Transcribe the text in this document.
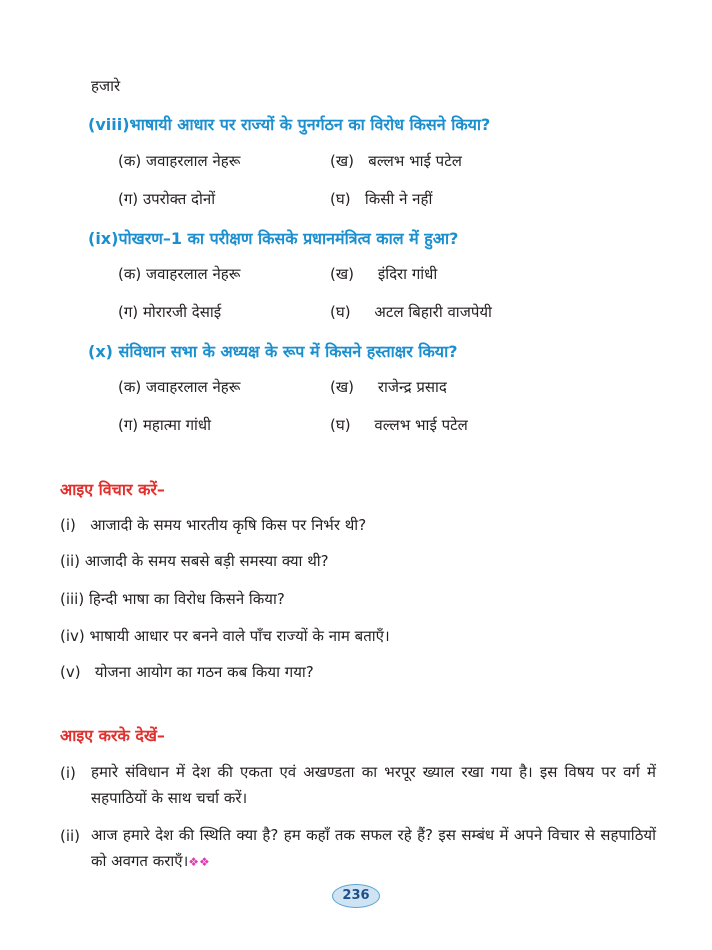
हजारे
(viii)भाषायी आधार पर राज्यों के पुनर्गठन का विरोध किसने किया?
(क) जवाहरलाल नेहरू	(ख) बल्लभ भाई पटेल
(ग) उपरोक्त दोनों	(घ) किसी ने नहीं
(ix)पोखरण–1 का परीक्षण किसके प्रधानमंत्रित्व काल में हुआ?
(क) जवाहरलाल नेहरू	(ख) इंदिरा गांधी
(ग) मोरारजी देसाई	(घ) अटल बिहारी वाजपेयी
(x) संविधान सभा के अध्यक्ष के रूप में किसने हस्ताक्षर किया?
(क) जवाहरलाल नेहरू	(ख) राजेन्द्र प्रसाद
(ग) महात्मा गांधी	(घ) वल्लभ भाई पटेल
आइए विचार करें–
(i) आजादी के समय भारतीय कृषि किस पर निर्भर थी?
(ii) आजादी के समय सबसे बड़ी समस्या क्या थी?
(iii) हिन्दी भाषा का विरोध किसने किया?
(iv) भाषायी आधार पर बनने वाले पाँच राज्यों के नाम बताएँ।
(v) योजना आयोग का गठन कब किया गया?
आइए करके देखें–
(i) हमारे संविधान में देश की एकता एवं अखण्डता का भरपूर ख्याल रखा गया है। इस विषय पर वर्ग में सहपाठियों के साथ चर्चा करें।
(ii) आज हमारे देश की स्थिति क्या है? हम कहाँ तक सफल रहे हैं? इस सम्बंध में अपने विचार से सहपाठियों को अवगत कराएँ।❖❖
236
